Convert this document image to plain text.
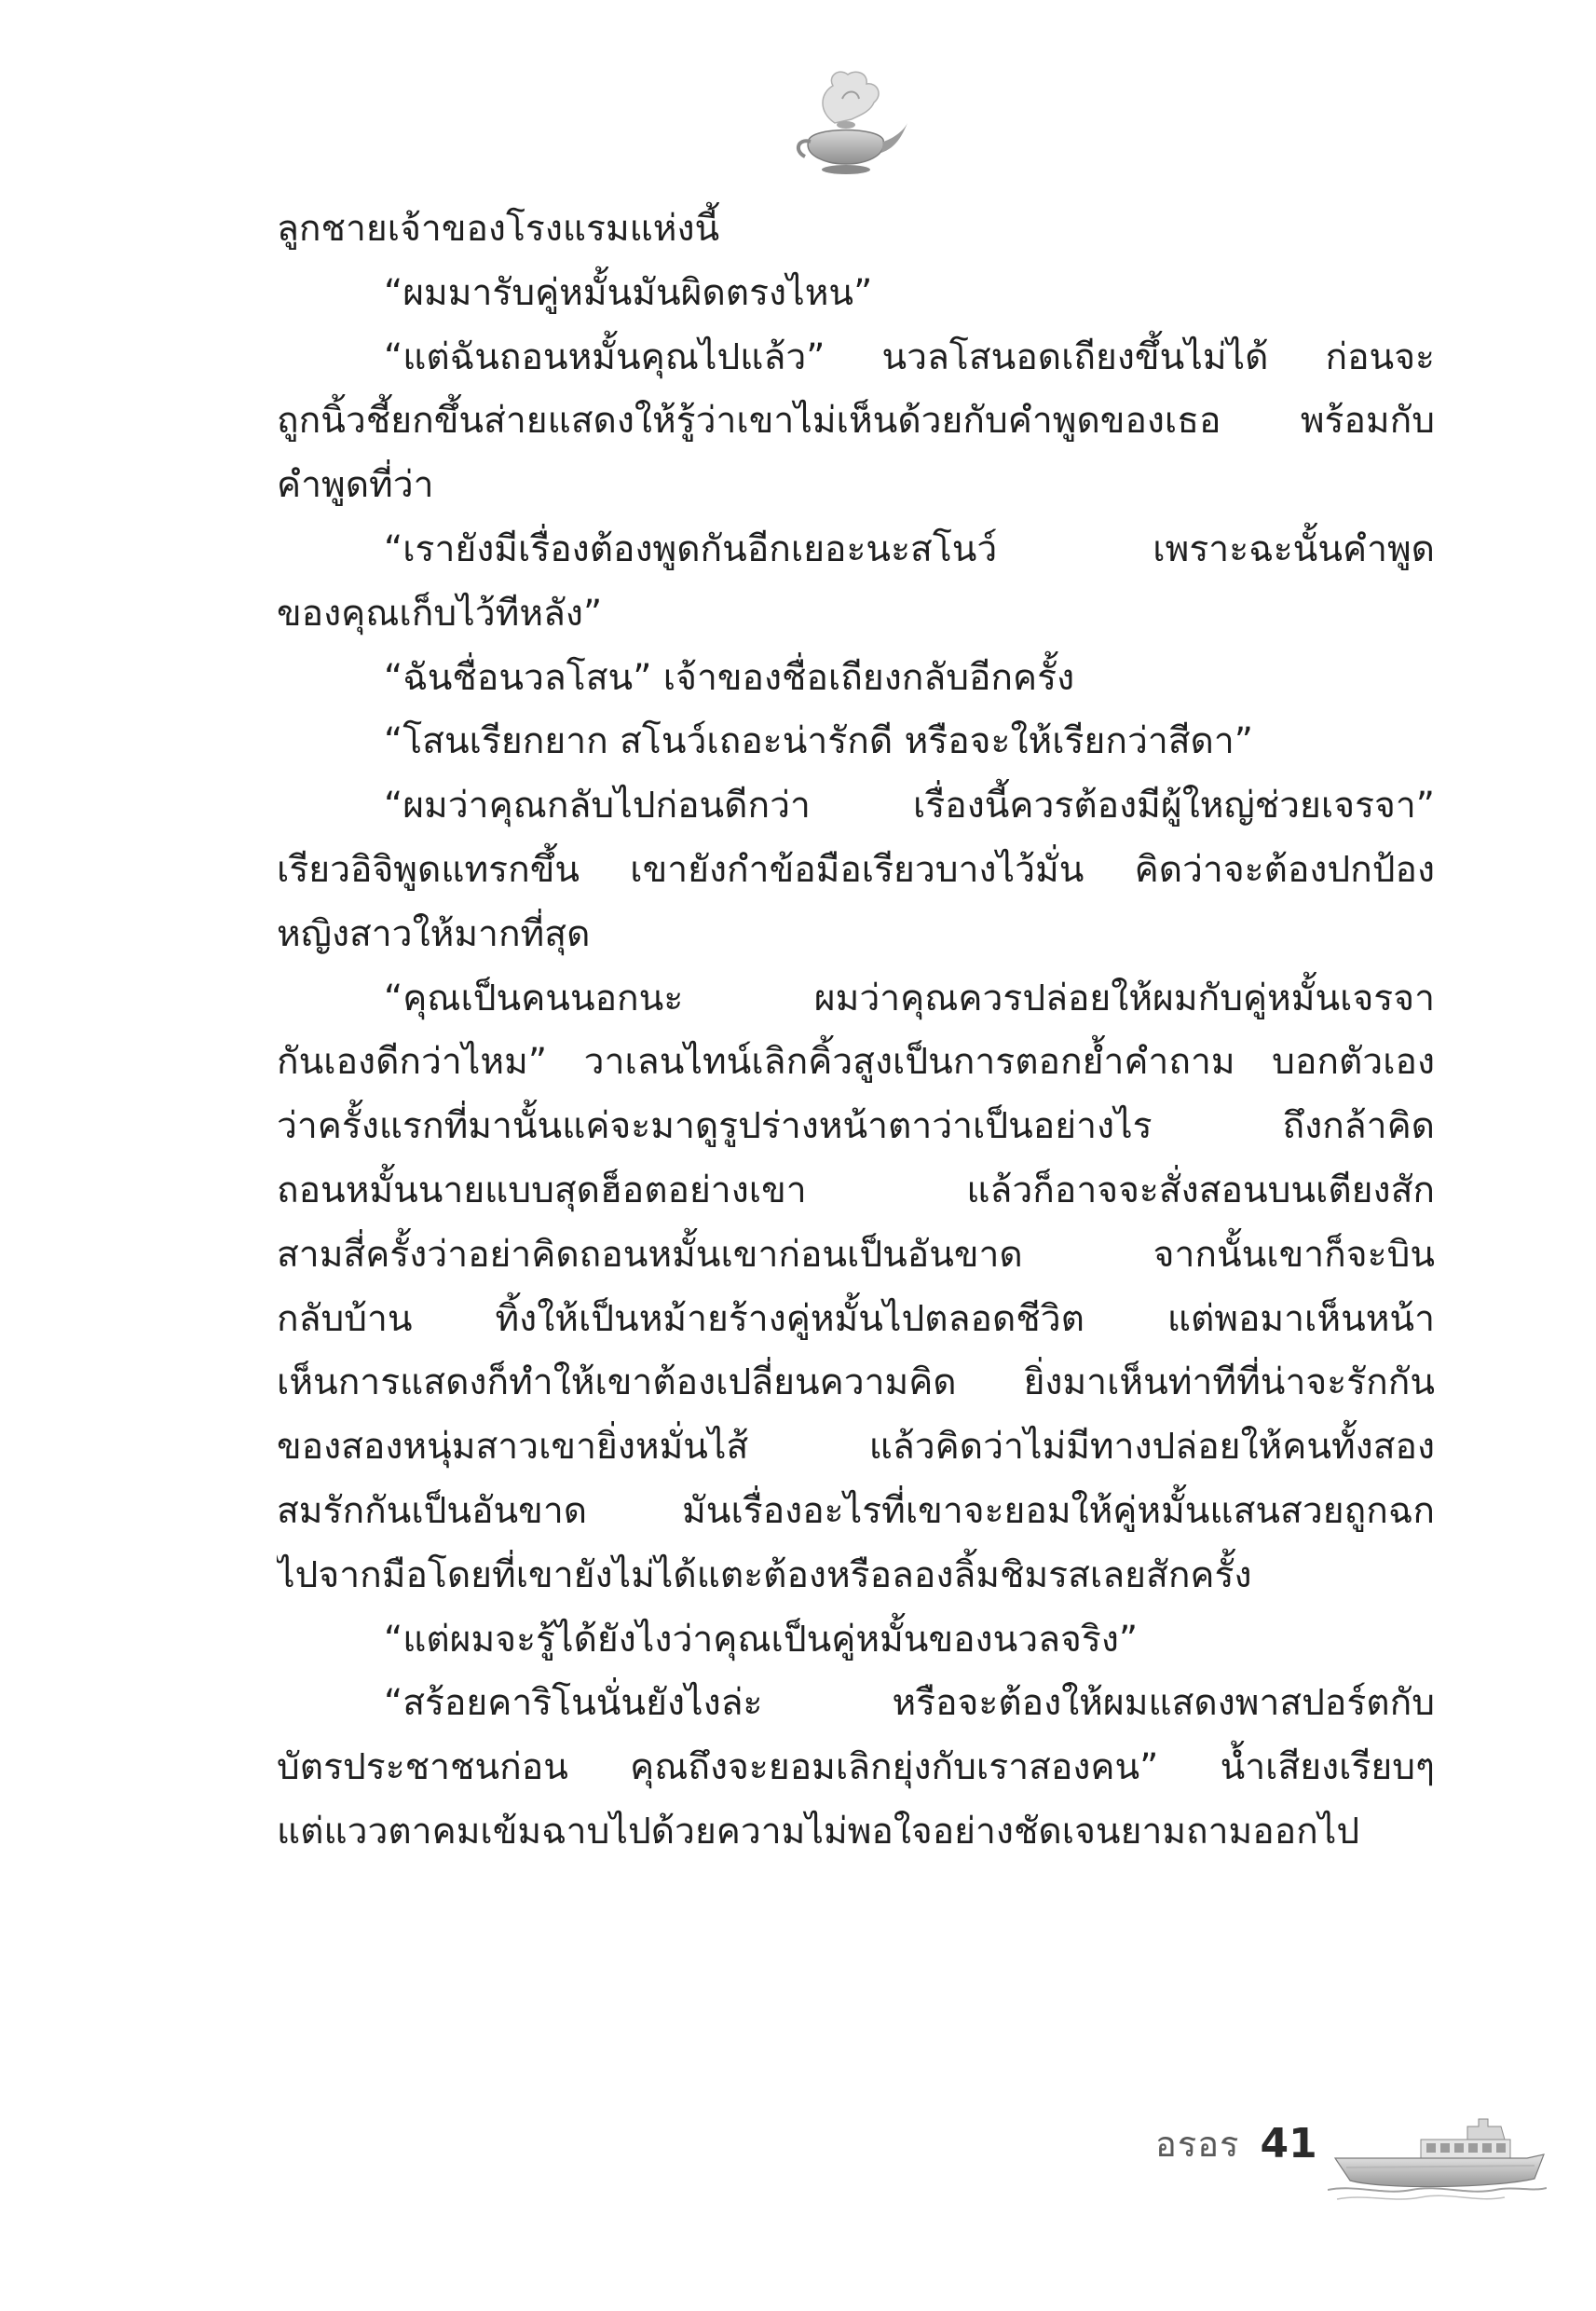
ลูกชายเจ้าของโรงแรมแห่งนี้
“ผมมารับคู่หมั้นมันผิดตรงไหน”
“แต่ฉันถอนหมั้นคุณไปแล้ว” นวลโสนอดเถียงขึ้นไม่ได้ ก่อนจะ
ถูกนิ้วชี้ยกขึ้นส่ายแสดงให้รู้ว่าเขาไม่เห็นด้วยกับคำพูดของเธอ พร้อมกับ
คำพูดที่ว่า
“เรายังมีเรื่องต้องพูดกันอีกเยอะนะสโนว์ เพราะฉะนั้นคำพูด
ของคุณเก็บไว้ทีหลัง”
“ฉันชื่อนวลโสน” เจ้าของชื่อเถียงกลับอีกครั้ง
“โสนเรียกยาก สโนว์เถอะน่ารักดี หรือจะให้เรียกว่าสีดา”
“ผมว่าคุณกลับไปก่อนดีกว่า เรื่องนี้ควรต้องมีผู้ใหญ่ช่วยเจรจา”
เรียวอิจิพูดแทรกขึ้น เขายังกำข้อมือเรียวบางไว้มั่น คิดว่าจะต้องปกป้อง
หญิงสาวให้มากที่สุด
“คุณเป็นคนนอกนะ ผมว่าคุณควรปล่อยให้ผมกับคู่หมั้นเจรจา
กันเองดีกว่าไหม” วาเลนไทน์เลิกคิ้วสูงเป็นการตอกย้ำคำถาม บอกตัวเอง
ว่าครั้งแรกที่มานั้นแค่จะมาดูรูปร่างหน้าตาว่าเป็นอย่างไร ถึงกล้าคิด
ถอนหมั้นนายแบบสุดฮ็อตอย่างเขา แล้วก็อาจจะสั่งสอนบนเตียงสัก
สามสี่ครั้งว่าอย่าคิดถอนหมั้นเขาก่อนเป็นอันขาด จากนั้นเขาก็จะบิน
กลับบ้าน ทิ้งให้เป็นหม้ายร้างคู่หมั้นไปตลอดชีวิต แต่พอมาเห็นหน้า
เห็นการแสดงก็ทำให้เขาต้องเปลี่ยนความคิด ยิ่งมาเห็นท่าทีที่น่าจะรักกัน
ของสองหนุ่มสาวเขายิ่งหมั่นไส้ แล้วคิดว่าไม่มีทางปล่อยให้คนทั้งสอง
สมรักกันเป็นอันขาด มันเรื่องอะไรที่เขาจะยอมให้คู่หมั้นแสนสวยถูกฉก
ไปจากมือโดยที่เขายังไม่ได้แตะต้องหรือลองลิ้มชิมรสเลยสักครั้ง
“แต่ผมจะรู้ได้ยังไงว่าคุณเป็นคู่หมั้นของนวลจริง”
“สร้อยคาริโนนั่นยังไงล่ะ หรือจะต้องให้ผมแสดงพาสปอร์ตกับ
บัตรประชาชนก่อน คุณถึงจะยอมเลิกยุ่งกับเราสองคน” น้ำเสียงเรียบๆ
แต่แววตาคมเข้มฉาบไปด้วยความไม่พอใจอย่างชัดเจนยามถามออกไป
อรอร 41
